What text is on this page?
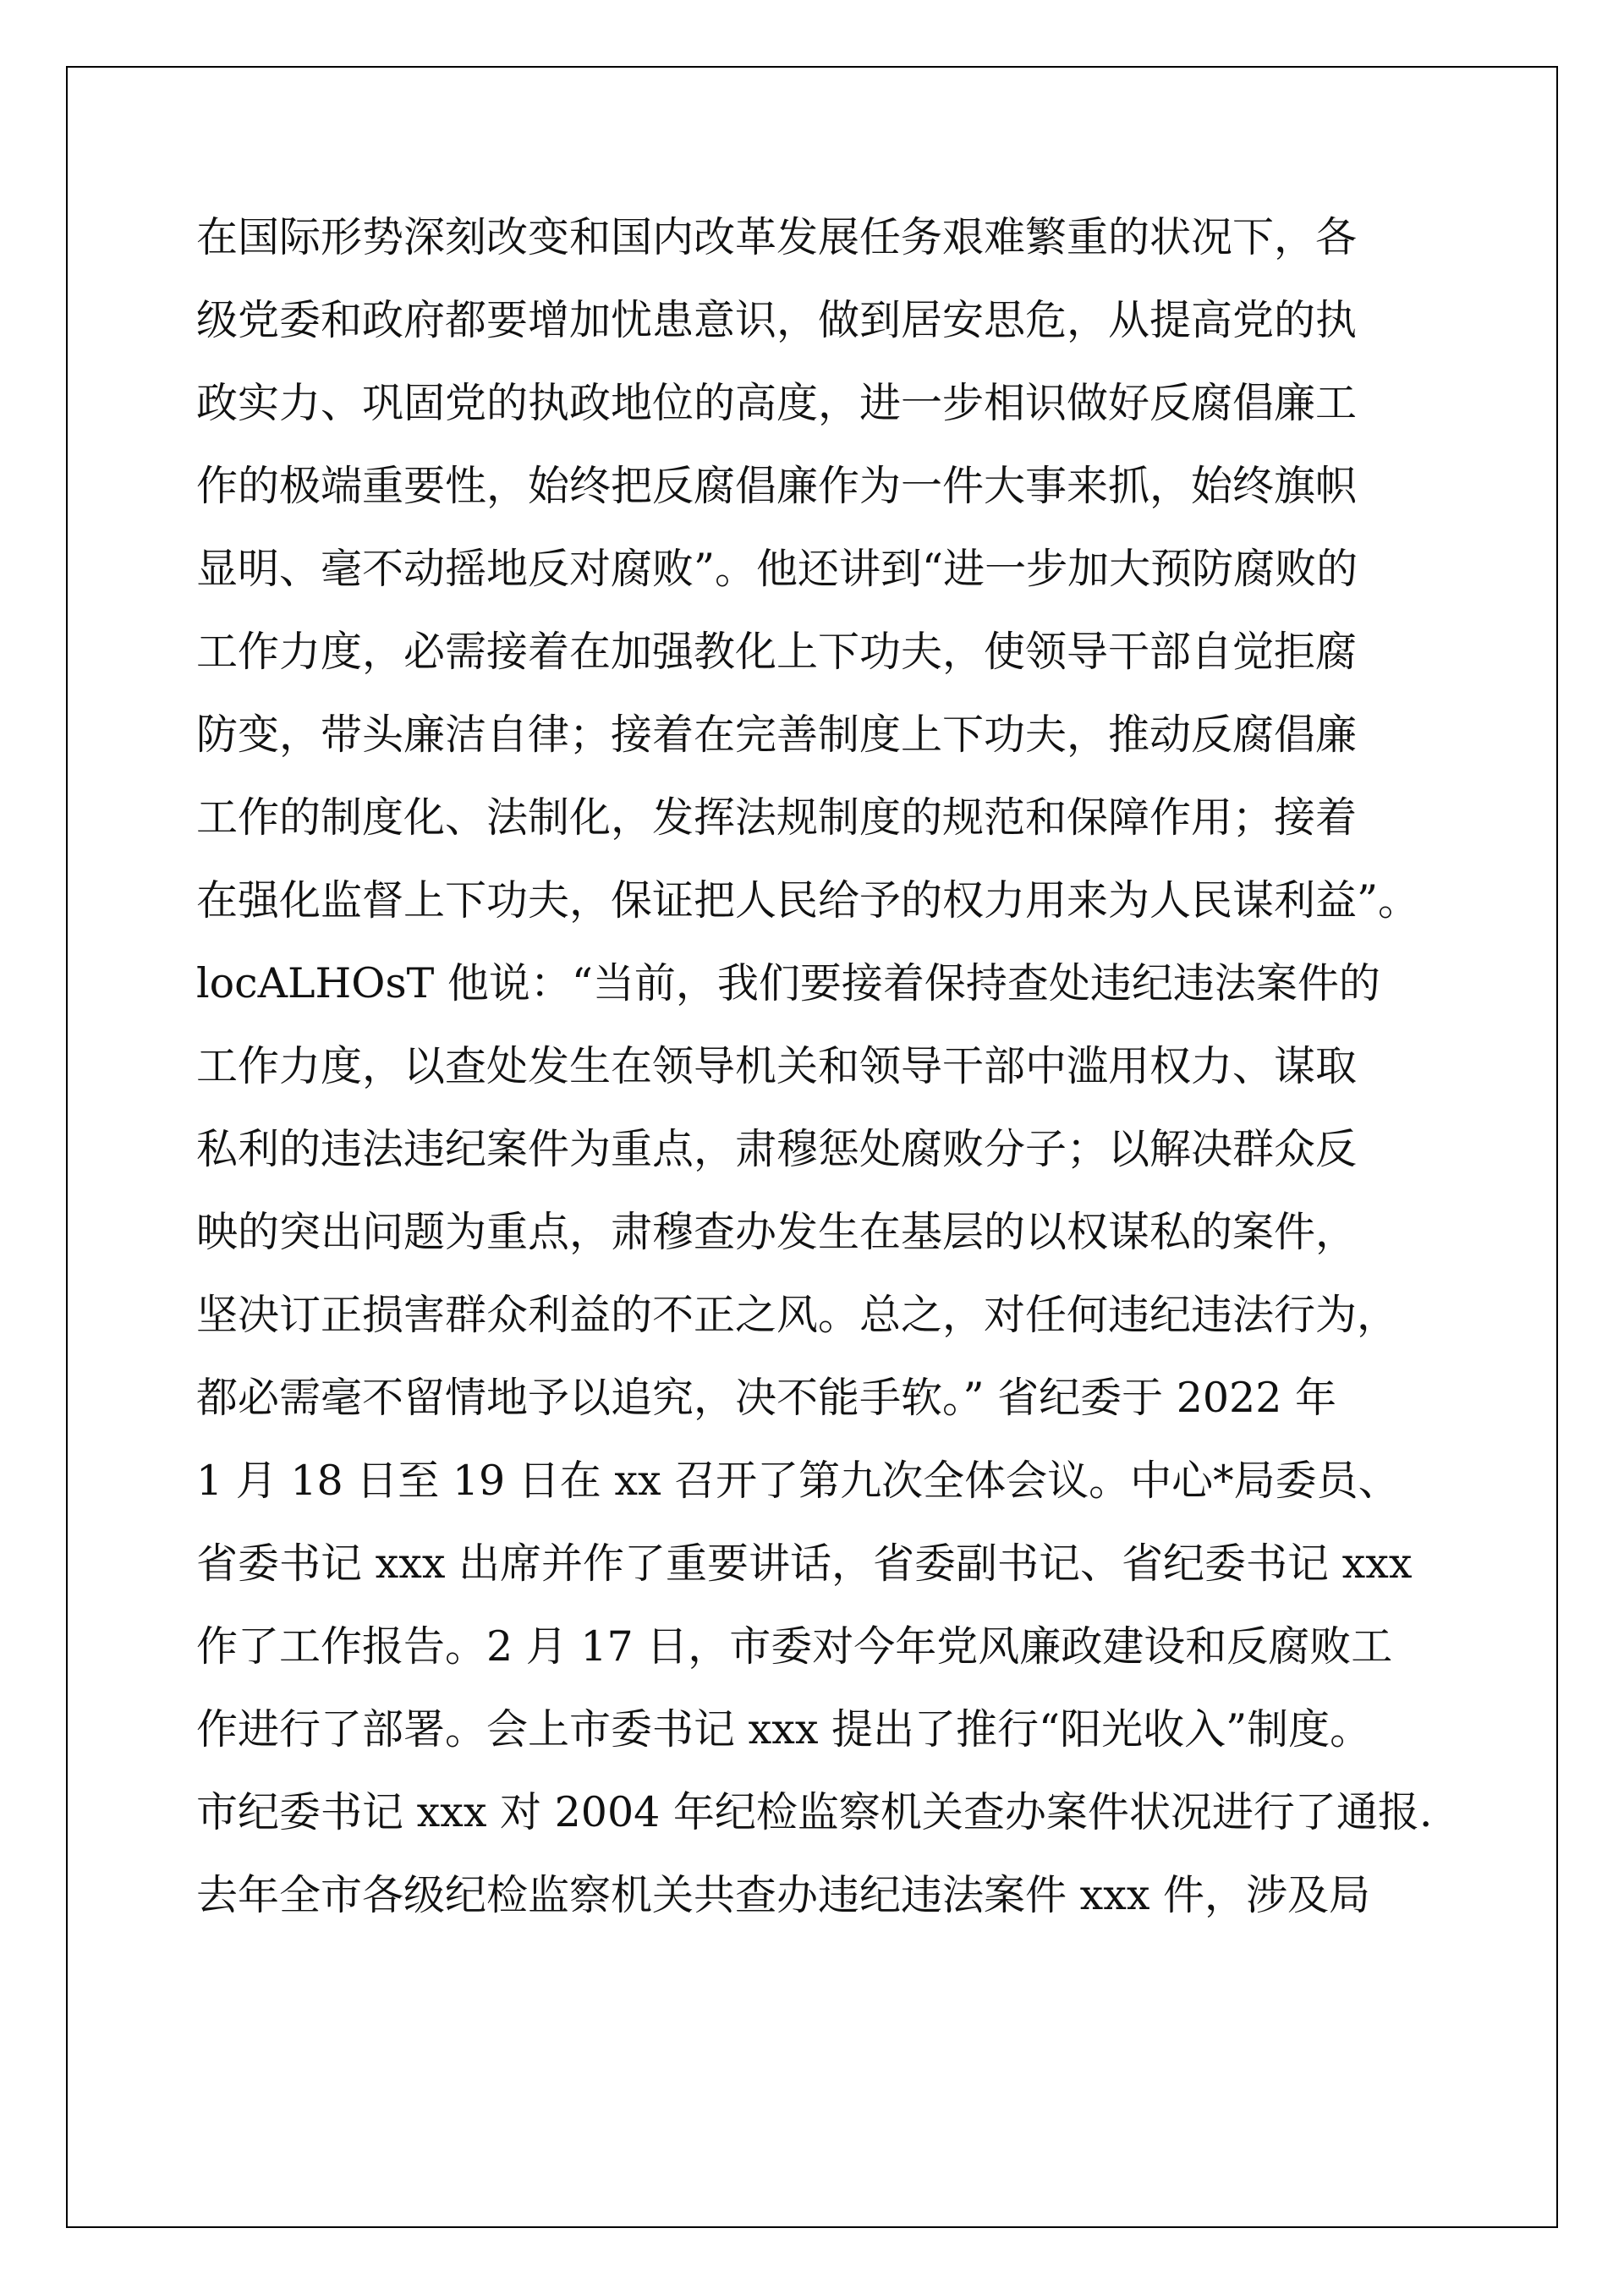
在国际形势深刻改变和国内改革发展任务艰难繁重的状况下，各
级党委和政府都要增加忧患意识，做到居安思危，从提高党的执
政实力、巩固党的执政地位的高度，进一步相识做好反腐倡廉工
作的极端重要性，始终把反腐倡廉作为一件大事来抓，始终旗帜
显明、毫不动摇地反对腐败”。他还讲到“进一步加大预防腐败的
工作力度，必需接着在加强教化上下功夫，使领导干部自觉拒腐
防变，带头廉洁自律；接着在完善制度上下功夫，推动反腐倡廉
工作的制度化、法制化，发挥法规制度的规范和保障作用；接着
在强化监督上下功夫，保证把人民给予的权力用来为人民谋利益”。
locALHOsT 他说：“当前，我们要接着保持查处违纪违法案件的
工作力度，以查处发生在领导机关和领导干部中滥用权力、谋取
私利的违法违纪案件为重点，肃穆惩处腐败分子；以解决群众反
映的突出问题为重点，肃穆查办发生在基层的以权谋私的案件，
坚决订正损害群众利益的不正之风。总之，对任何违纪违法行为，
都必需毫不留情地予以追究，决不能手软。” 省纪委于 2022 年
1 月 18 日至 19 日在 xx 召开了第九次全体会议。中心*局委员、
省委书记 xxx 出席并作了重要讲话，省委副书记、省纪委书记 xxx
作了工作报告。2 月 17 日，市委对今年党风廉政建设和反腐败工
作进行了部署。会上市委书记 xxx 提出了推行“阳光收入”制度。
市纪委书记 xxx 对 2004 年纪检监察机关查办案件状况进行了通报.
去年全市各级纪检监察机关共查办违纪违法案件 xxx 件，涉及局
